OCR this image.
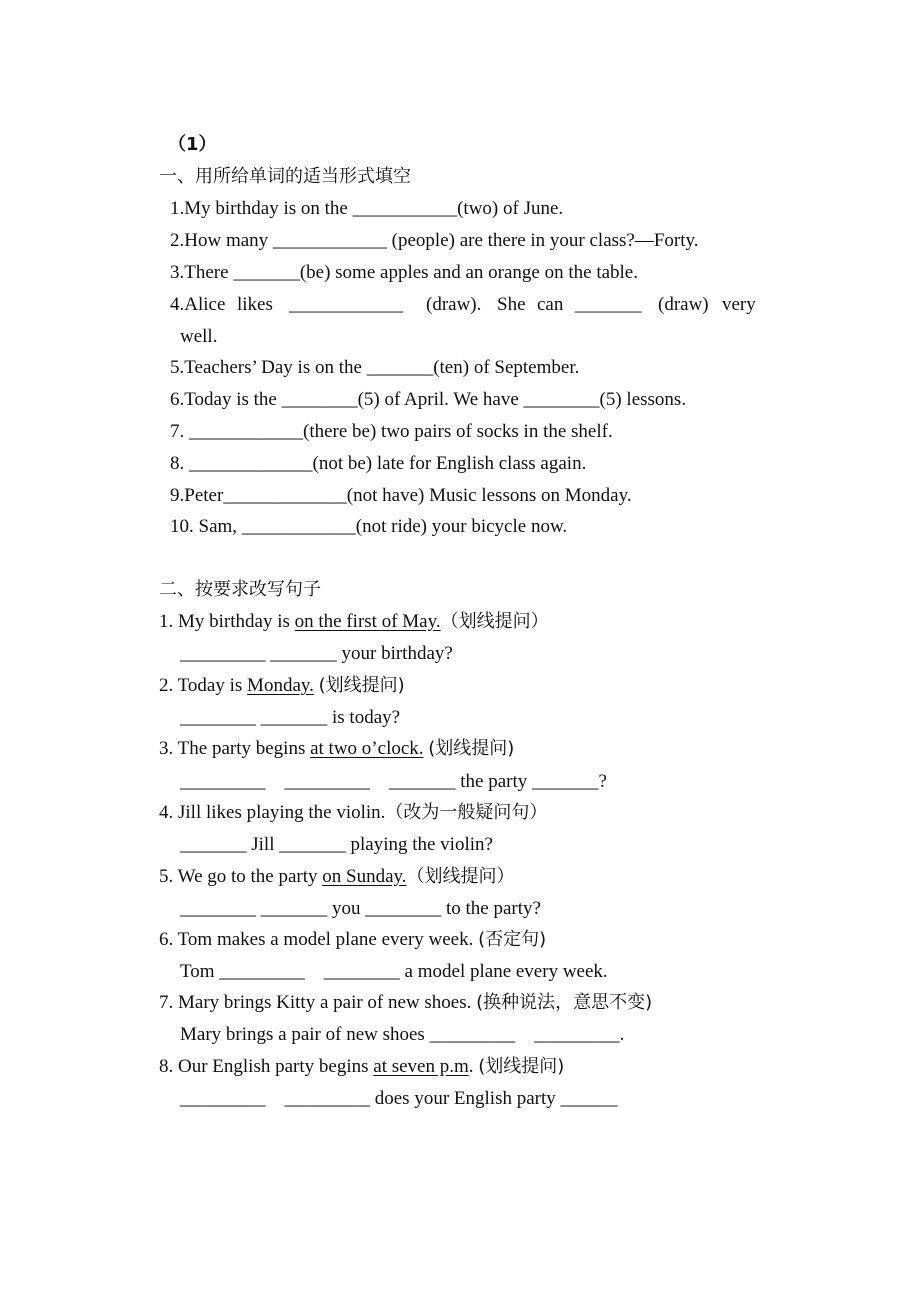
（1）
一、用所给单词的适当形式填空
1.My birthday is on the ___________(two) of June.
2.How many ____________ (people) are there in your class?—Forty.
3.There _______(be) some apples and an orange on the table.
4.Alice likes ____________ (draw). She can _______ (draw) very
well.
5.Teachers’ Day is on the _______(ten) of September.
6.Today is the ________(5) of April. We have ________(5) lessons.
7. ____________(there be) two pairs of socks in the shelf.
8. _____________(not be) late for English class again.
9.Peter_____________(not have) Music lessons on Monday.
10. Sam, ____________(not ride) your bicycle now.
二、按要求改写句子
1. My birthday is on the first of May.（划线提问）
_________ _______ your birthday?
2. Today is Monday. (划线提问)
________ _______ is today?
3. The party begins at two o’clock. (划线提问)
_________    _________    _______ the party _______?
4. Jill likes playing the violin.（改为一般疑问句）
_______ Jill _______ playing the violin?
5. We go to the party on Sunday.（划线提问）
________ _______ you ________ to the party?
6. Tom makes a model plane every week. (否定句)
Tom _________    ________ a model plane every week.
7. Mary brings Kitty a pair of new shoes. (换种说法，意思不变)
Mary brings a pair of new shoes _________    _________.
8. Our English party begins at seven p.m. (划线提问)
_________    _________ does your English party ______
